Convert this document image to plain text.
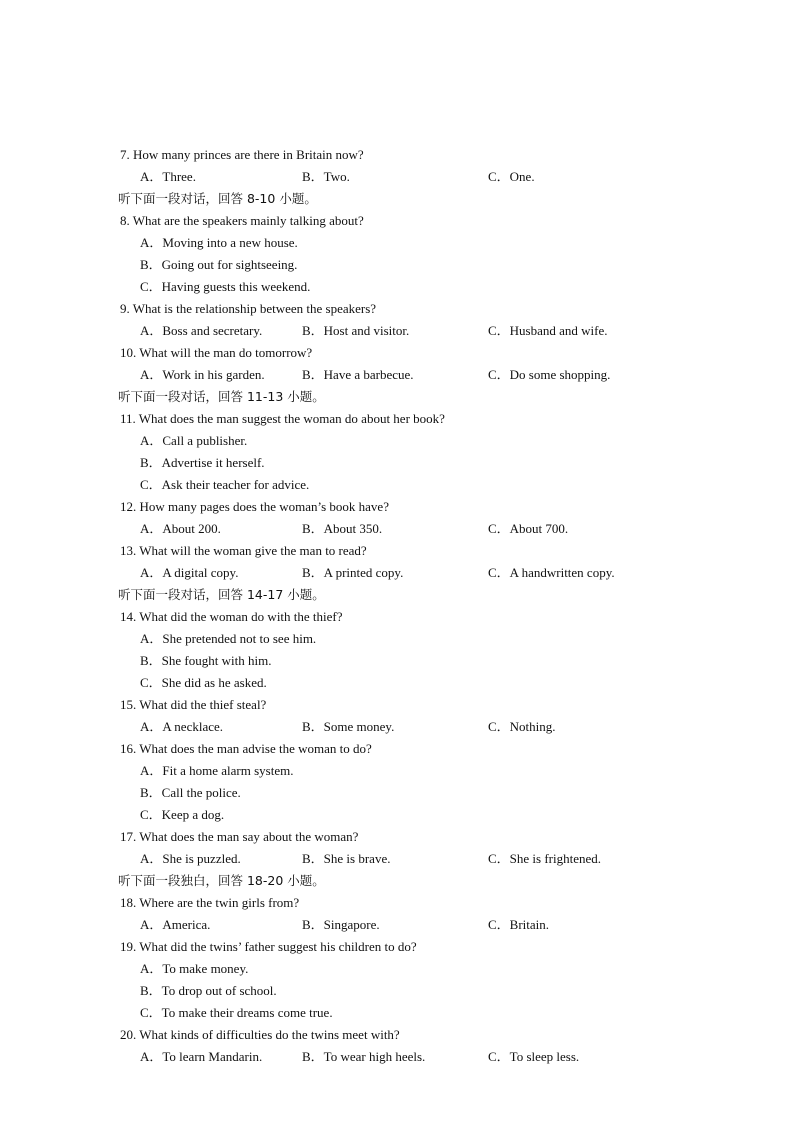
7. How many princes are there in Britain now?
A．Three.	B．Two.	C．One.
听下面一段对话，回答 8-10 小题。
8. What are the speakers mainly talking about?
A．Moving into a new house.
B．Going out for sightseeing.
C．Having guests this weekend.
9. What is the relationship between the speakers?
A．Boss and secretary.	B．Host and visitor.	C．Husband and wife.
10. What will the man do tomorrow?
A．Work in his garden.	B．Have a barbecue.	C．Do some shopping.
听下面一段对话，回答 11-13 小题。
11. What does the man suggest the woman do about her book?
A．Call a publisher.
B．Advertise it herself.
C．Ask their teacher for advice.
12. How many pages does the woman’s book have?
A．About 200.	B．About 350.	C．About 700.
13. What will the woman give the man to read?
A．A digital copy.	B．A printed copy.	C．A handwritten copy.
听下面一段对话，回答 14-17 小题。
14. What did the woman do with the thief?
A．She pretended not to see him.
B．She fought with him.
C．She did as he asked.
15. What did the thief steal?
A．A necklace.	B．Some money.	C．Nothing.
16. What does the man advise the woman to do?
A．Fit a home alarm system.
B．Call the police.
C．Keep a dog.
17. What does the man say about the woman?
A．She is puzzled.	B．She is brave.	C．She is frightened.
听下面一段独白，回答 18-20 小题。
18. Where are the twin girls from?
A．America.	B．Singapore.	C．Britain.
19. What did the twins’ father suggest his children to do?
A．To make money.
B．To drop out of school.
C．To make their dreams come true.
20. What kinds of difficulties do the twins meet with?
A．To learn Mandarin.	B．To wear high heels.	C．To sleep less.
